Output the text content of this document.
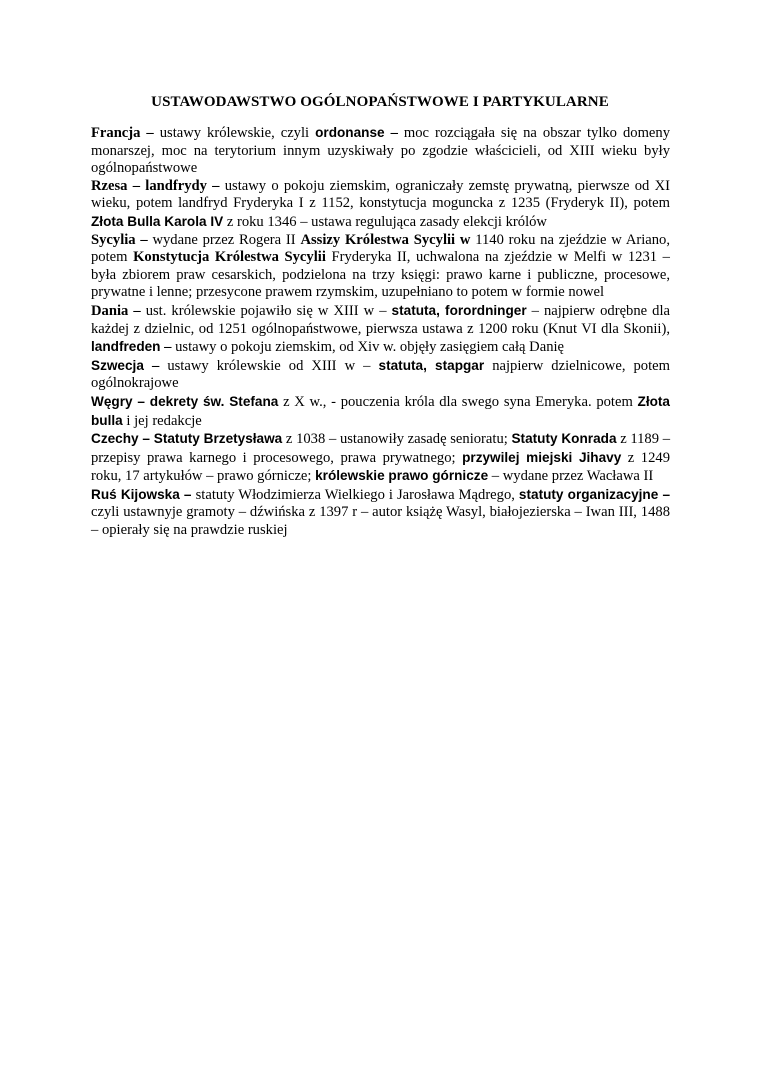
USTAWODAWSTWO OGÓLNOPAŃSTWOWE I PARTYKULARNE

Francja – ustawy królewskie, czyli ordonanse – moc rozciągała się na obszar tylko domeny monarszej, moc na terytorium innym uzyskiwały po zgodzie właścicieli, od XIII wieku były ogólnopaństwowe

Rzesa – landfrydy – ustawy o pokoju ziemskim, ograniczały zemstę prywatną, pierwsze od XI wieku, potem landfryd Fryderyka I z 1152, konstytucja moguncka z 1235 (Fryderyk II), potem Złota Bulla Karola IV z roku 1346 – ustawa regulująca zasady elekcji królów

Sycylia – wydane przez Rogera II Assizy Królestwa Sycylii w 1140 roku na zjeździe w Ariano, potem Konstytucja Królestwa Sycylii Fryderyka II, uchwalona na zjeździe w Melfi w 1231 – była zbiorem praw cesarskich, podzielona na trzy księgi: prawo karne i publiczne, procesowe, prywatne i lenne; przesycone prawem rzymskim, uzupełniano to potem w formie nowel

Dania – ust. królewskie pojawiło się w XIII w – statuta, forordninger – najpierw odrębne dla każdej z dzielnic, od 1251 ogólnopaństwowe, pierwsza ustawa z 1200 roku (Knut VI dla Skonii), landfreden – ustawy o pokoju ziemskim, od Xiv w. objęły zasięgiem całą Danię

Szwecja – ustawy królewskie od XIII w – statuta, stapgar najpierw dzielnicowe, potem ogólnokrajowe

Węgry – dekrety św. Stefana z X w., - pouczenia króla dla swego syna Emeryka. potem Złota bulla i jej redakcje

Czechy – Statuty Brzetysława z 1038 – ustanowiły zasadę senioratu; Statuty Konrada z 1189 – przepisy prawa karnego i procesowego, prawa prywatnego; przywilej miejski Jihavy z 1249 roku, 17 artykułów – prawo górnicze; królewskie prawo górnicze – wydane przez Wacława II

Ruś Kijowska – statuty Włodzimierza Wielkiego i Jarosława Mądrego, statuty organizacyjne – czyli ustawnyje gramoty – dźwińska z 1397 r – autor książę Wasyl, białojezierska – Iwan III, 1488 – opierały się na prawdzie ruskiej
